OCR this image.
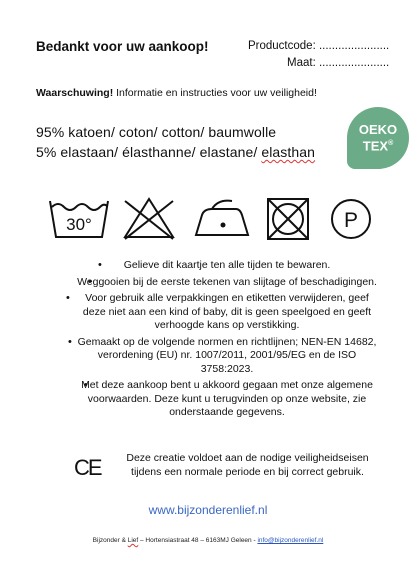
Bedankt voor uw aankoop!	Productcode: ......................
Maat: ......................
Waarschuwing! Informatie en instructies voor uw veiligheid!
95% katoen/ coton/ cotton/ baumwolle
5% elastaan/ élasthanne/ elastane/ elasthan
OEKO
TEX®
30°	P
• Gelieve dit kaartje ten alle tijden te bewaren.
• Weggooien bij de eerste tekenen van slijtage of beschadigingen.
• Voor gebruik alle verpakkingen en etiketten verwijderen, geef deze niet aan een kind of baby, dit is geen speelgoed en geeft verhoogde kans op verstikking.
• Gemaakt op de volgende normen en richtlijnen; NEN-EN 14682, verordening (EU) nr. 1007/2011, 2001/95/EG en de ISO 3758:2023.
• Met deze aankoop bent u akkoord gegaan met onze algemene voorwaarden. Deze kunt u terugvinden op onze website, zie onderstaande gegevens.
CE	Deze creatie voldoet aan de nodige veiligheidseisen tijdens een normale periode en bij correct gebruik.
www.bijzonderenlief.nl
Bijzonder & Lief – Hortensiastraat 48 – 6163MJ Geleen - info@bijzonderenlief.nl
